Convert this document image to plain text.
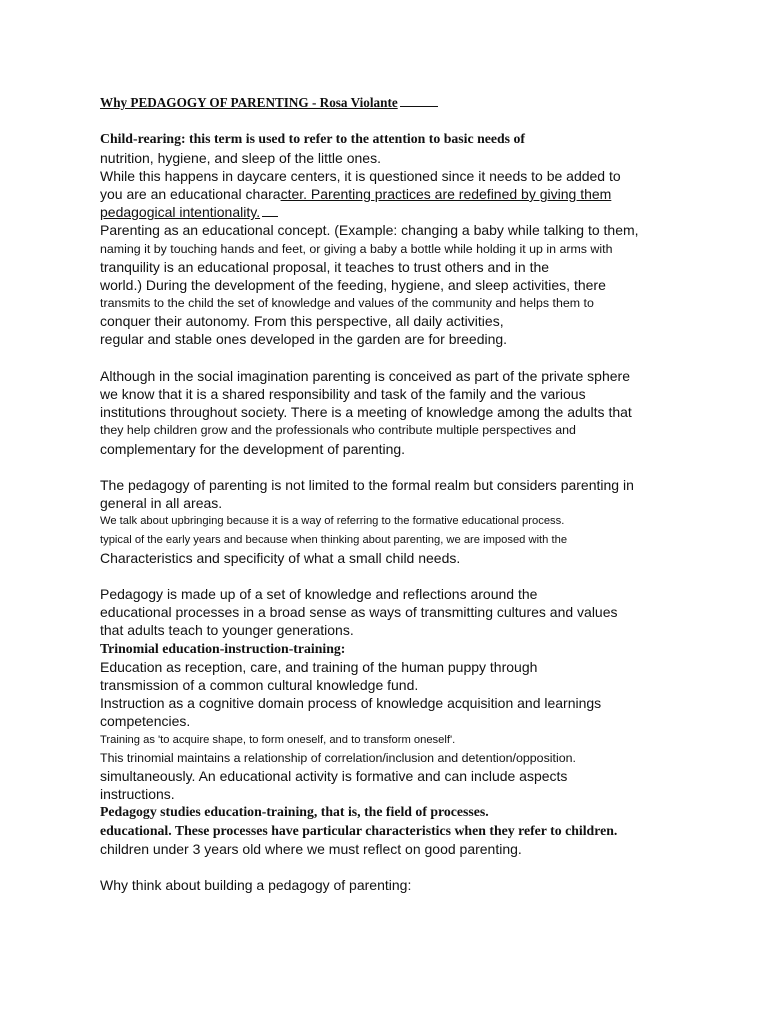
Why PEDAGOGY OF PARENTING - Rosa Violante
Child-rearing: this term is used to refer to the attention to basic needs of
nutrition, hygiene, and sleep of the little ones.
While this happens in daycare centers, it is questioned since it needs to be added to
you are an educational character. Parenting practices are redefined by giving them
pedagogical intentionality.
Parenting as an educational concept. (Example: changing a baby while talking to them,
naming it by touching hands and feet, or giving a baby a bottle while holding it up in arms with
tranquility is an educational proposal, it teaches to trust others and in the
world.) During the development of the feeding, hygiene, and sleep activities, there
transmits to the child the set of knowledge and values of the community and helps them to
conquer their autonomy. From this perspective, all daily activities,
regular and stable ones developed in the garden are for breeding.
Although in the social imagination parenting is conceived as part of the private sphere
we know that it is a shared responsibility and task of the family and the various
institutions throughout society. There is a meeting of knowledge among the adults that
they help children grow and the professionals who contribute multiple perspectives and
complementary for the development of parenting.
The pedagogy of parenting is not limited to the formal realm but considers parenting in
general in all areas.
We talk about upbringing because it is a way of referring to the formative educational process.
typical of the early years and because when thinking about parenting, we are imposed with the
Characteristics and specificity of what a small child needs.
Pedagogy is made up of a set of knowledge and reflections around the
educational processes in a broad sense as ways of transmitting cultures and values
that adults teach to younger generations.
Trinomial education-instruction-training:
Education as reception, care, and training of the human puppy through
transmission of a common cultural knowledge fund.
Instruction as a cognitive domain process of knowledge acquisition and learnings
competencies.
Training as 'to acquire shape, to form oneself, and to transform oneself'.
This trinomial maintains a relationship of correlation/inclusion and detention/opposition.
simultaneously. An educational activity is formative and can include aspects
instructions.
Pedagogy studies education-training, that is, the field of processes.
educational. These processes have particular characteristics when they refer to children.
children under 3 years old where we must reflect on good parenting.
Why think about building a pedagogy of parenting:
